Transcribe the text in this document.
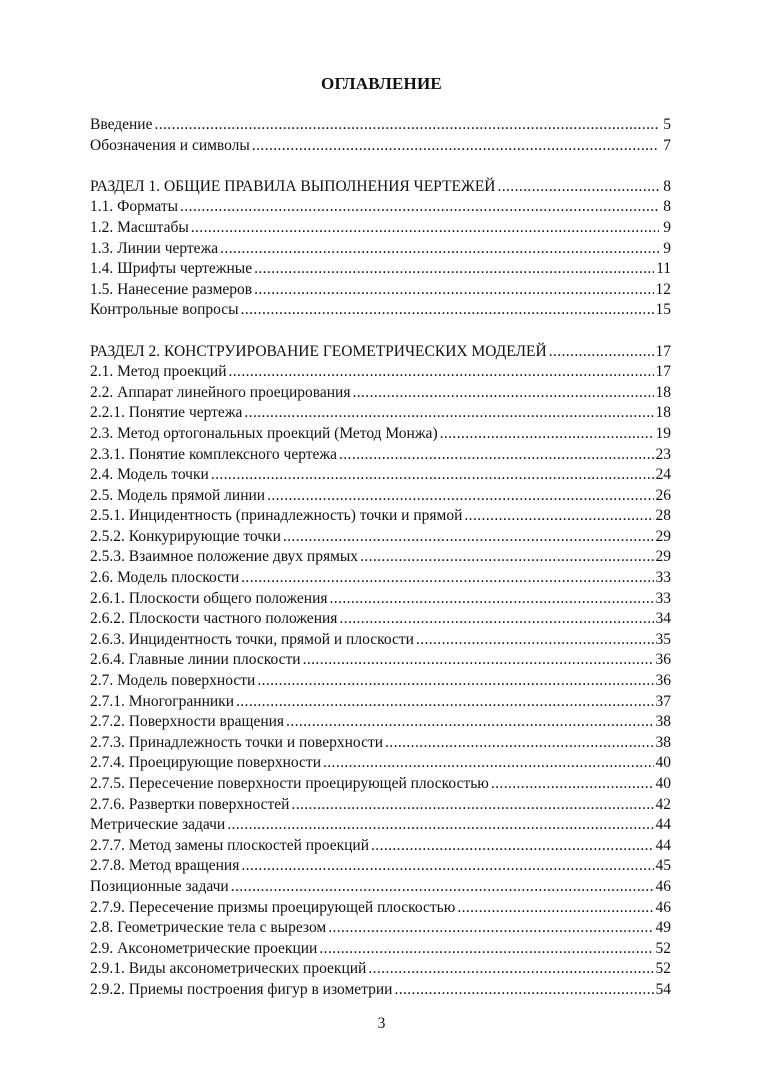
ОГЛАВЛЕНИЕ
Введение .....	5
Обозначения и символы .....	7
РАЗДЕЛ 1. ОБЩИЕ ПРАВИЛА ВЫПОЛНЕНИЯ ЧЕРТЕЖЕЙ .....	8
1.1. Форматы .....	8
1.2. Масштабы .....	9
1.3. Линии чертежа .....	9
1.4. Шрифты чертежные .....	11
1.5. Нанесение размеров .....	12
Контрольные вопросы .....	15
РАЗДЕЛ 2. КОНСТРУИРОВАНИЕ ГЕОМЕТРИЧЕСКИХ МОДЕЛЕЙ .....	17
2.1. Метод проекций .....	17
2.2. Аппарат линейного проецирования .....	18
2.2.1. Понятие чертежа .....	18
2.3. Метод ортогональных проекций (Метод Монжа) .....	19
2.3.1. Понятие комплексного чертежа .....	23
2.4. Модель точки .....	24
2.5. Модель прямой линии .....	26
2.5.1. Инцидентность (принадлежность) точки и прямой .....	28
2.5.2. Конкурирующие точки .....	29
2.5.3. Взаимное положение двух прямых .....	29
2.6. Модель плоскости .....	33
2.6.1. Плоскости общего положения .....	33
2.6.2. Плоскости частного положения .....	34
2.6.3. Инцидентность точки, прямой и плоскости .....	35
2.6.4. Главные линии плоскости .....	36
2.7. Модель поверхности .....	36
2.7.1. Многогранники .....	37
2.7.2. Поверхности вращения .....	38
2.7.3. Принадлежность точки и поверхности .....	38
2.7.4. Проецирующие поверхности .....	40
2.7.5. Пересечение поверхности проецирующей плоскостью .....	40
2.7.6. Развертки поверхностей .....	42
Метрические задачи .....	44
2.7.7. Метод замены плоскостей проекций .....	44
2.7.8. Метод вращения .....	45
Позиционные задачи .....	46
2.7.9. Пересечение призмы проецирующей плоскостью .....	46
2.8. Геометрические тела с вырезом .....	49
2.9. Аксонометрические проекции .....	52
2.9.1. Виды аксонометрических проекций .....	52
2.9.2. Приемы построения фигур в изометрии .....	54
3
